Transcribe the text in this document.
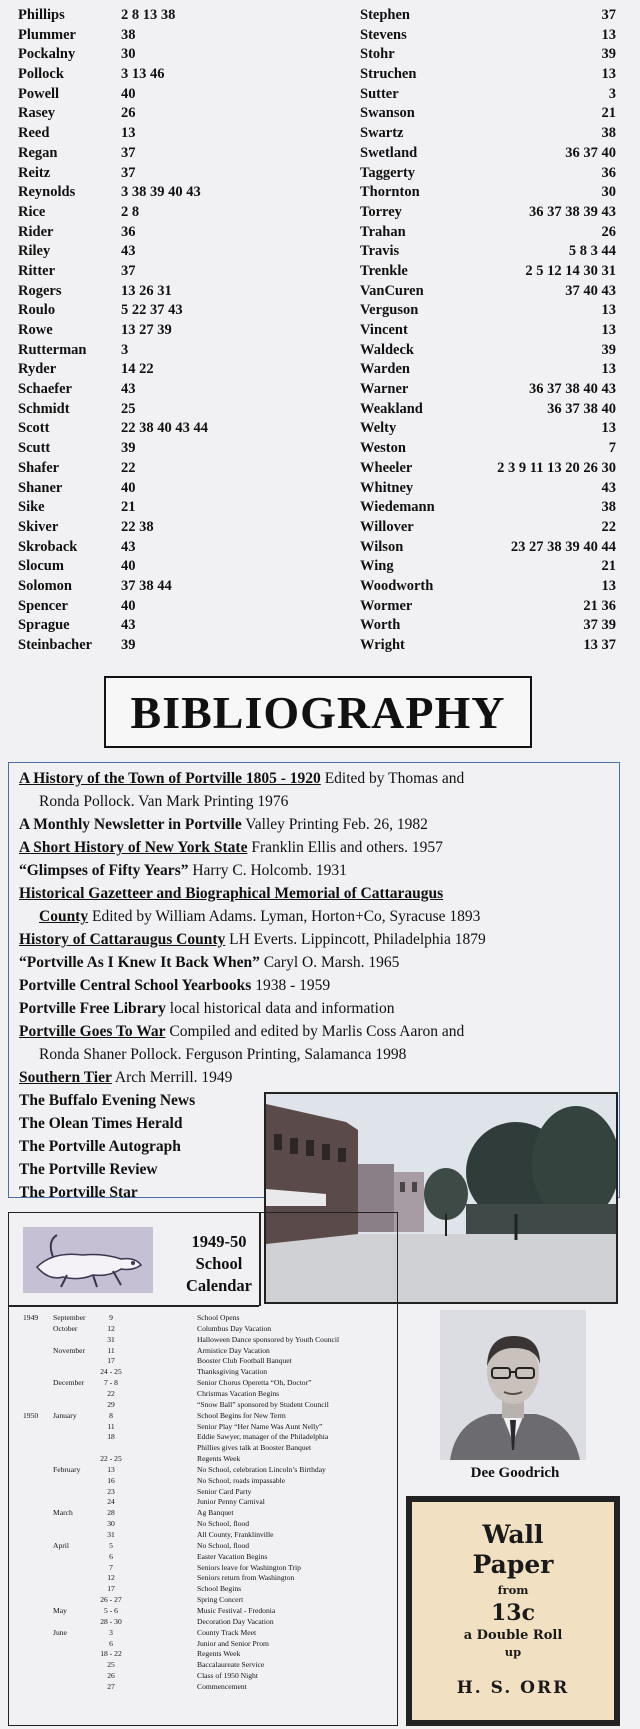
Phillips	2 8 13 38
Plummer	38
Pockalny	30
Pollock	3 13 46
Powell	40
Rasey	26
Reed	13
Regan	37
Reitz	37
Reynolds	3 38 39 40 43
Rice	2 8
Rider	36
Riley	43
Ritter	37
Rogers	13 26 31
Roulo	5 22 37 43
Rowe	13 27 39
Rutterman 3
Ryder	14 22
Schaefer	43
Schmidt	25
Scott	22 38 40 43 44
Scutt	39
Shafer	22
Shaner	40
Sike	21
Skiver	22 38
Skroback	43
Slocum	40
Solomon	37 38 44
Spencer	40
Sprague	43
Steinbacher 39
Stephen	37
Stevens	13
Stohr	39
Struchen	13
Sutter	3
Swanson	21
Swartz	38
Swetland	36 37 40
Taggerty	36
Thornton	30
Torrey	36 37 38 39 43
Trahan	26
Travis	5 8 3 44
Trenkle	2 5 12 14 30 31
VanCuren	37 40 43
Verguson	13
Vincent	13
Waldeck	39
Warden	13
Warner	36 37 38 40 43
Weakland	36 37 38 40
Welty	13
Weston	7
Wheeler	2 3 9 11 13 20 26 30
Whitney	43
Wiedemann	38
Willover	22
Wilson	23 27 38 39 40 44
Wing	21
Woodworth	13
Wormer	21 36
Worth	37 39
Wright	13 37
BIBLIOGRAPHY
A History of the Town of Portville 1805 - 1920 Edited by Thomas and
Ronda Pollock. Van Mark Printing 1976
A Monthly Newsletter in Portville Valley Printing Feb. 26, 1982
A Short History of New York State Franklin Ellis and others. 1957
“Glimpses of Fifty Years” Harry C. Holcomb. 1931
Historical Gazetteer and Biographical Memorial of Cattaraugus
County Edited by William Adams. Lyman, Horton+Co, Syracuse 1893
History of Cattaraugus County LH Everts. Lippincott, Philadelphia 1879
“Portville As I Knew It Back When” Caryl O. Marsh. 1965
Portville Central School Yearbooks 1938 - 1959
Portville Free Library local historical data and information
Portville Goes To War Compiled and edited by Marlis Coss Aaron and
Ronda Shaner Pollock. Ferguson Printing, Salamanca 1998
Southern Tier Arch Merrill. 1949
The Buffalo Evening News
The Olean Times Herald
The Portville Autograph
The Portville Review
The Portville Star
1949-50
School
Calendar
1949 September	9	School Opens
October	12	Columbus Day Vacation
31	Halloween Dance sponsored by Youth Council
November	11	Armistice Day Vacation
17	Booster Club Football Banquet
24 - 25	Thanksgiving Vacation
December	7 - 8	Senior Chorus Operetta “Oh, Doctor”
22	Christmas Vacation Begins
29	“Snow Ball” sponsored by Student Council
1950 January	8	School Begins for New Term
11	Senior Play “Her Name Was Aunt Nelly”
18	Eddie Sawyer, manager of the Philadelphia
Phillies gives talk at Booster Banquet
22 - 25	Regents Week
February	13	No School, celebration Lincoln’s Birthday
16	No School, roads impassable
23	Senior Card Party
24	Junior Penny Carnival
March	28	Ag Banquet
30	No School, flood
31	All County, Franklinville
April	5	No School, flood
6	Easter Vacation Begins
7	Seniors leave for Washington Trip
12	Seniors return from Washington
17	School Begins
26 - 27	Spring Concert
May	5 - 6	Music Festival - Fredonia
28 - 30	Decoration Day Vacation
June	3	County Track Meet
6	Junior and Senior Prom
18 - 22	Regents Week
25	Baccalaureate Service
26	Class of 1950 Night
27	Commencement
Dee Goodrich
Wall
Paper
from
13c
a Double Roll
up
H. S. ORR
